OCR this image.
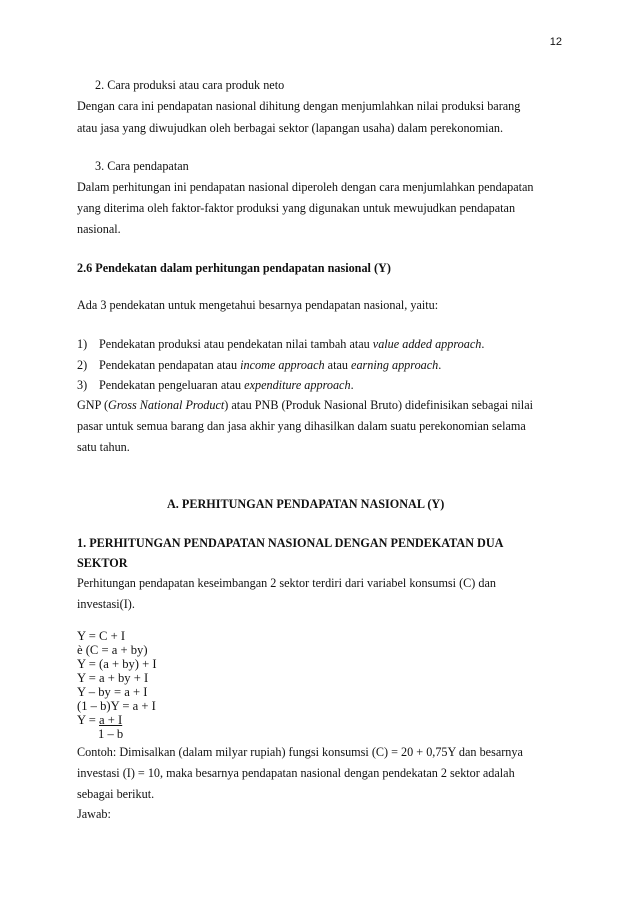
12
2. Cara produksi atau cara produk neto
Dengan cara ini pendapatan nasional dihitung dengan menjumlahkan nilai produksi barang
atau jasa yang diwujudkan oleh berbagai sektor (lapangan usaha) dalam perekonomian.
3. Cara pendapatan
Dalam perhitungan ini pendapatan nasional diperoleh dengan cara menjumlahkan pendapatan
yang diterima oleh faktor-faktor produksi yang digunakan untuk mewujudkan pendapatan
nasional.
2.6 Pendekatan dalam perhitungan pendapatan nasional (Y)
Ada 3 pendekatan untuk mengetahui besarnya pendapatan nasional, yaitu:
1) Pendekatan produksi atau pendekatan nilai tambah atau value added approach.
2) Pendekatan pendapatan atau income approach atau earning approach.
3) Pendekatan pengeluaran atau expenditure approach.
GNP (Gross National Product) atau PNB (Produk Nasional Bruto) didefinisikan sebagai nilai
pasar untuk semua barang dan jasa akhir yang dihasilkan dalam suatu perekonomian selama
satu tahun.
A. PERHITUNGAN PENDAPATAN NASIONAL (Y)
1. PERHITUNGAN PENDAPATAN NASIONAL DENGAN PENDEKATAN DUA
SEKTOR
Perhitungan pendapatan keseimbangan 2 sektor terdiri dari variabel konsumsi (C) dan
investasi(I).
Y = C + I
è (C = a + by)
Y = (a + by) + I
Y = a + by + I
Y – by = a + I
(1 – b)Y = a + I
Y = a + I
1 – b
Contoh: Dimisalkan (dalam milyar rupiah) fungsi konsumsi (C) = 20 + 0,75Y dan besarnya
investasi (I) = 10, maka besarnya pendapatan nasional dengan pendekatan 2 sektor adalah
sebagai berikut.
Jawab:
